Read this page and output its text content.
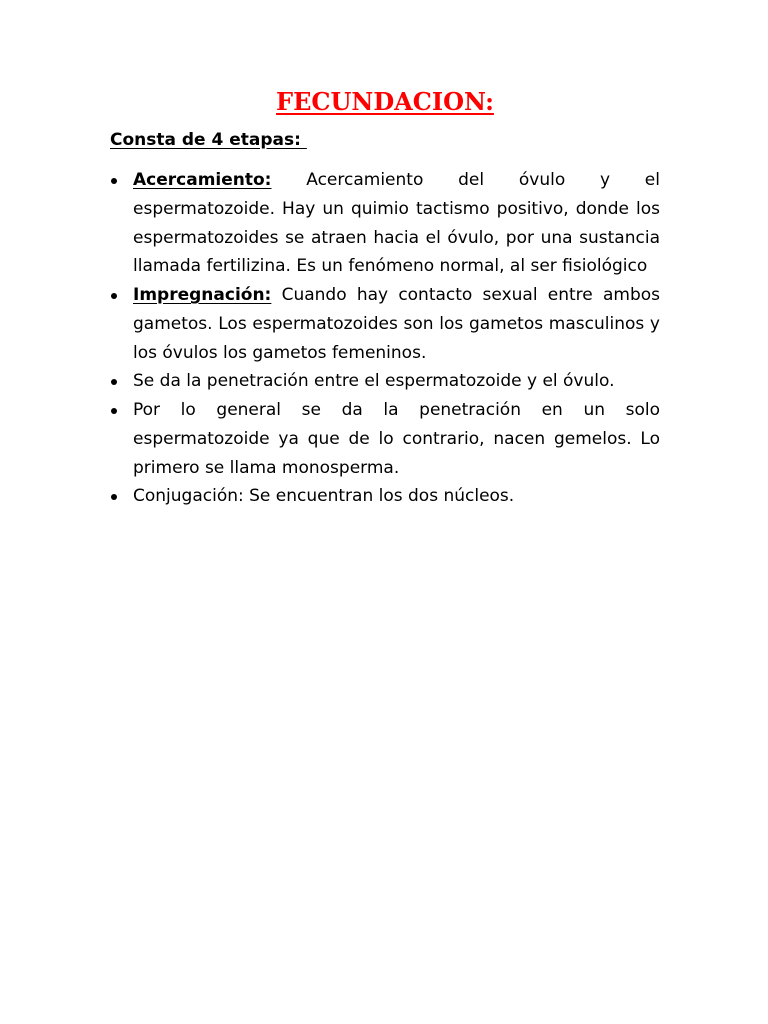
FECUNDACION:

Consta de 4 etapas:

Acercamiento: Acercamiento del óvulo y el espermatozoide. Hay un quimio tactismo positivo, donde los espermatozoides se atraen hacia el óvulo, por una sustancia llamada fertilizina. Es un fenómeno normal, al ser fisiológico
Impregnación: Cuando hay contacto sexual entre ambos gametos. Los espermatozoides son los gametos masculinos y los óvulos los gametos femeninos.
Se da la penetración entre el espermatozoide y el óvulo.
Por lo general se da la penetración en un solo espermatozoide ya que de lo contrario, nacen gemelos. Lo primero se llama monosperma.
Conjugación: Se encuentran los dos núcleos.
